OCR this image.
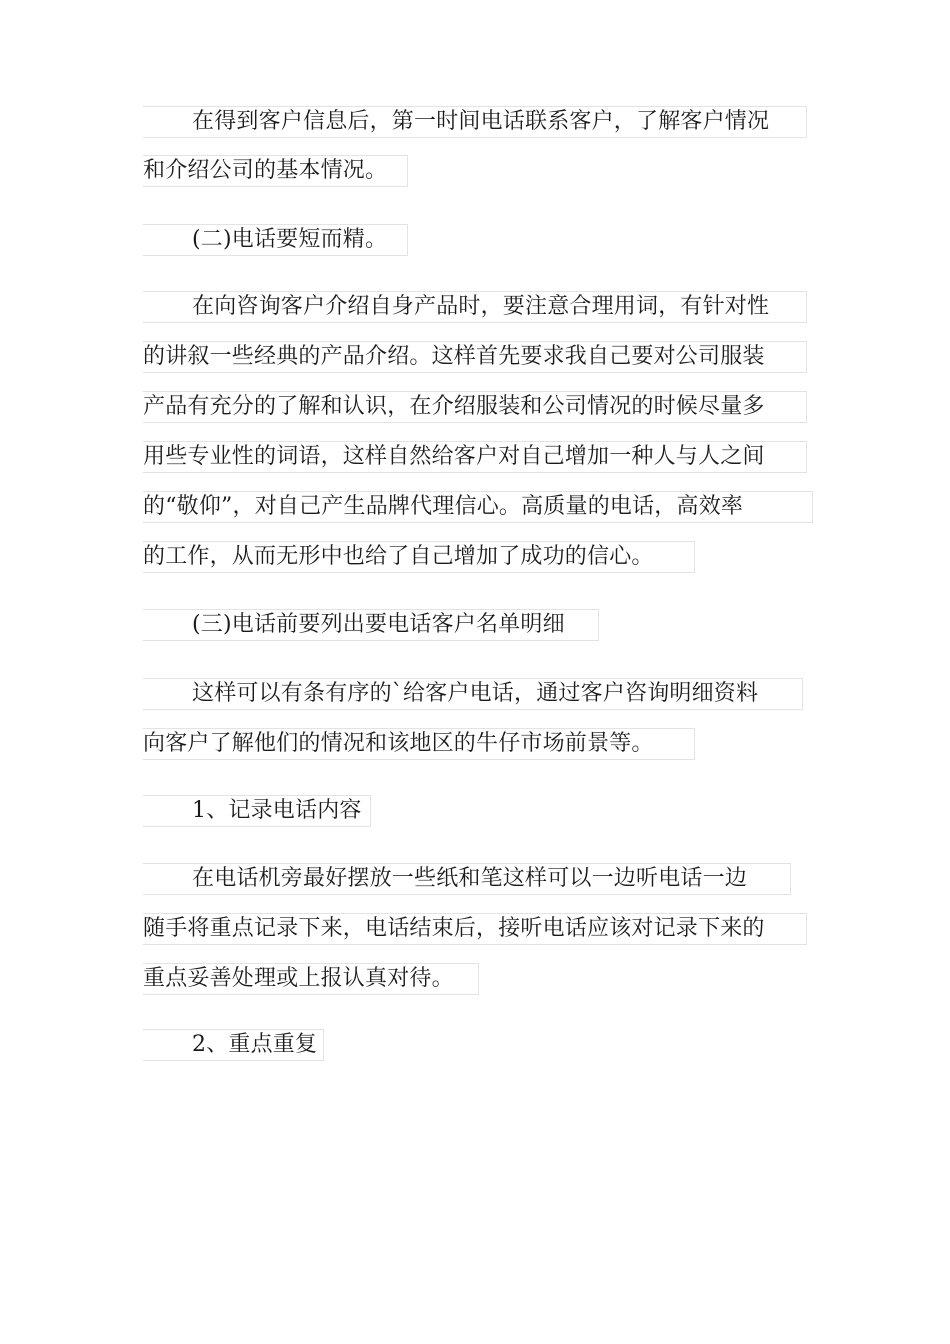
在得到客户信息后，第一时间电话联系客户，了解客户情况
和介绍公司的基本情况。
(二)电话要短而精。
在向咨询客户介绍自身产品时，要注意合理用词，有针对性
的讲叙一些经典的产品介绍。这样首先要求我自己要对公司服装
产品有充分的了解和认识，在介绍服装和公司情况的时候尽量多
用些专业性的词语，这样自然给客户对自己增加一种人与人之间
的“敬仰”，对自己产生品牌代理信心。高质量的电话，高效率
的工作，从而无形中也给了自己增加了成功的信心。
(三)电话前要列出要电话客户名单明细
这样可以有条有序的`给客户电话，通过客户咨询明细资料
向客户了解他们的情况和该地区的牛仔市场前景等。
1、记录电话内容
在电话机旁最好摆放一些纸和笔这样可以一边听电话一边
随手将重点记录下来，电话结束后，接听电话应该对记录下来的
重点妥善处理或上报认真对待。
2、重点重复
